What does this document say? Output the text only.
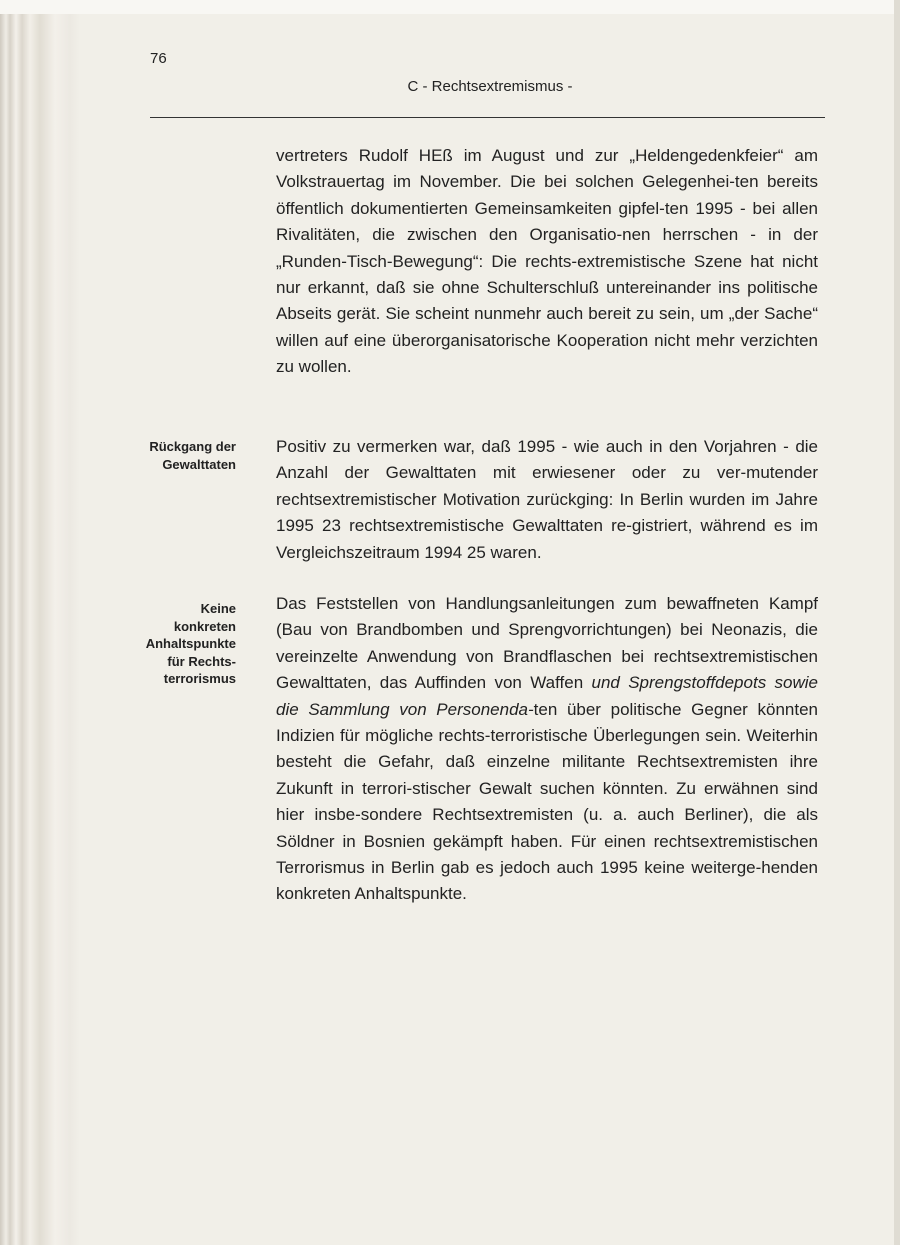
76
C - Rechtsextremismus -
vertreters Rudolf HEß im August und zur „Heldengedenkfeier“ am Volkstrauertag im November. Die bei solchen Gelegenhei-ten bereits öffentlich dokumentierten Gemeinsamkeiten gipfel-ten 1995 - bei allen Rivalitäten, die zwischen den Organisatio-nen herrschen - in der „Runden-Tisch-Bewegung“: Die rechts-extremistische Szene hat nicht nur erkannt, daß sie ohne Schulterschluß untereinander ins politische Abseits gerät. Sie scheint nunmehr auch bereit zu sein, um „der Sache“ willen auf eine überorganisatorische Kooperation nicht mehr verzichten zu wollen.
Rückgang der
Gewalttaten
Positiv zu vermerken war, daß 1995 - wie auch in den Vorjahren - die Anzahl der Gewalttaten mit erwiesener oder zu ver-mutender rechtsextremistischer Motivation zurückging: In Berlin wurden im Jahre 1995 23 rechtsextremistische Gewalttaten re-gistriert, während es im Vergleichszeitraum 1994 25 waren.
Keine
konkreten
Anhaltspunkte
für Rechts-
terrorismus
Das Feststellen von Handlungsanleitungen zum bewaffneten Kampf (Bau von Brandbomben und Sprengvorrichtungen) bei Neonazis, die vereinzelte Anwendung von Brandflaschen bei rechtsextremistischen Gewalttaten, das Auffinden von Waffen und Sprengstoffdepots sowie die Sammlung von Personenda-ten über politische Gegner könnten Indizien für mögliche rechts-terroristische Überlegungen sein. Weiterhin besteht die Gefahr, daß einzelne militante Rechtsextremisten ihre Zukunft in terrori-stischer Gewalt suchen könnten. Zu erwähnen sind hier insbe-sondere Rechtsextremisten (u. a. auch Berliner), die als Söldner in Bosnien gekämpft haben. Für einen rechtsextremistischen Terrorismus in Berlin gab es jedoch auch 1995 keine weiterge-henden konkreten Anhaltspunkte.
